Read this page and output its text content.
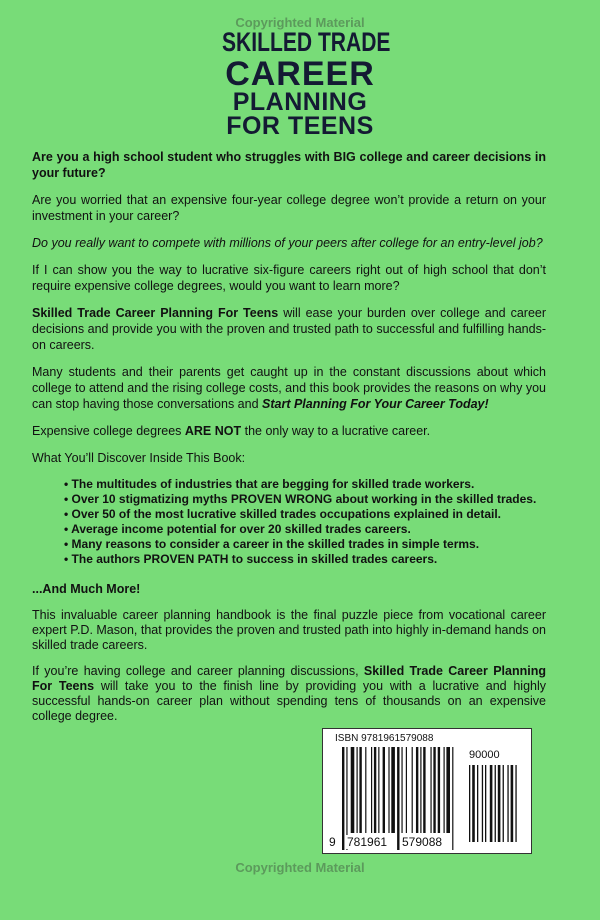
Copyrighted Material
SKILLED TRADE
CAREER
PLANNING
FOR TEENS

Are you a high school student who struggles with BIG college and career decisions in your future?

Are you worried that an expensive four-year college degree won’t provide a return on your investment in your career?

Do you really want to compete with millions of your peers after college for an entry-level job?

If I can show you the way to lucrative six-figure careers right out of high school that don’t require expensive college degrees, would you want to learn more?

Skilled Trade Career Planning For Teens will ease your burden over college and career decisions and provide you with the proven and trusted path to successful and fulfilling hands-on careers.

Many students and their parents get caught up in the constant discussions about which college to attend and the rising college costs, and this book provides the reasons on why you can stop having those conversations and Start Planning For Your Career Today!

Expensive college degrees ARE NOT the only way to a lucrative career.

What You’ll Discover Inside This Book:

• The multitudes of industries that are begging for skilled trade workers.
• Over 10 stigmatizing myths PROVEN WRONG about working in the skilled trades.
• Over 50 of the most lucrative skilled trades occupations explained in detail.
• Average income potential for over 20 skilled trades careers.
• Many reasons to consider a career in the skilled trades in simple terms.
• The authors PROVEN PATH to success in skilled trades careers.

...And Much More!

This invaluable career planning handbook is the final puzzle piece from vocational career expert P.D. Mason, that provides the proven and trusted path into highly in-demand hands on skilled trade careers.

If you’re having college and career planning discussions, Skilled Trade Career Planning For Teens will take you to the finish line by providing you with a lucrative and highly successful hands-on career plan without spending tens of thousands on an expensive college degree.

ISBN 9781961579088
90000
9 781961 579088
Copyrighted Material
